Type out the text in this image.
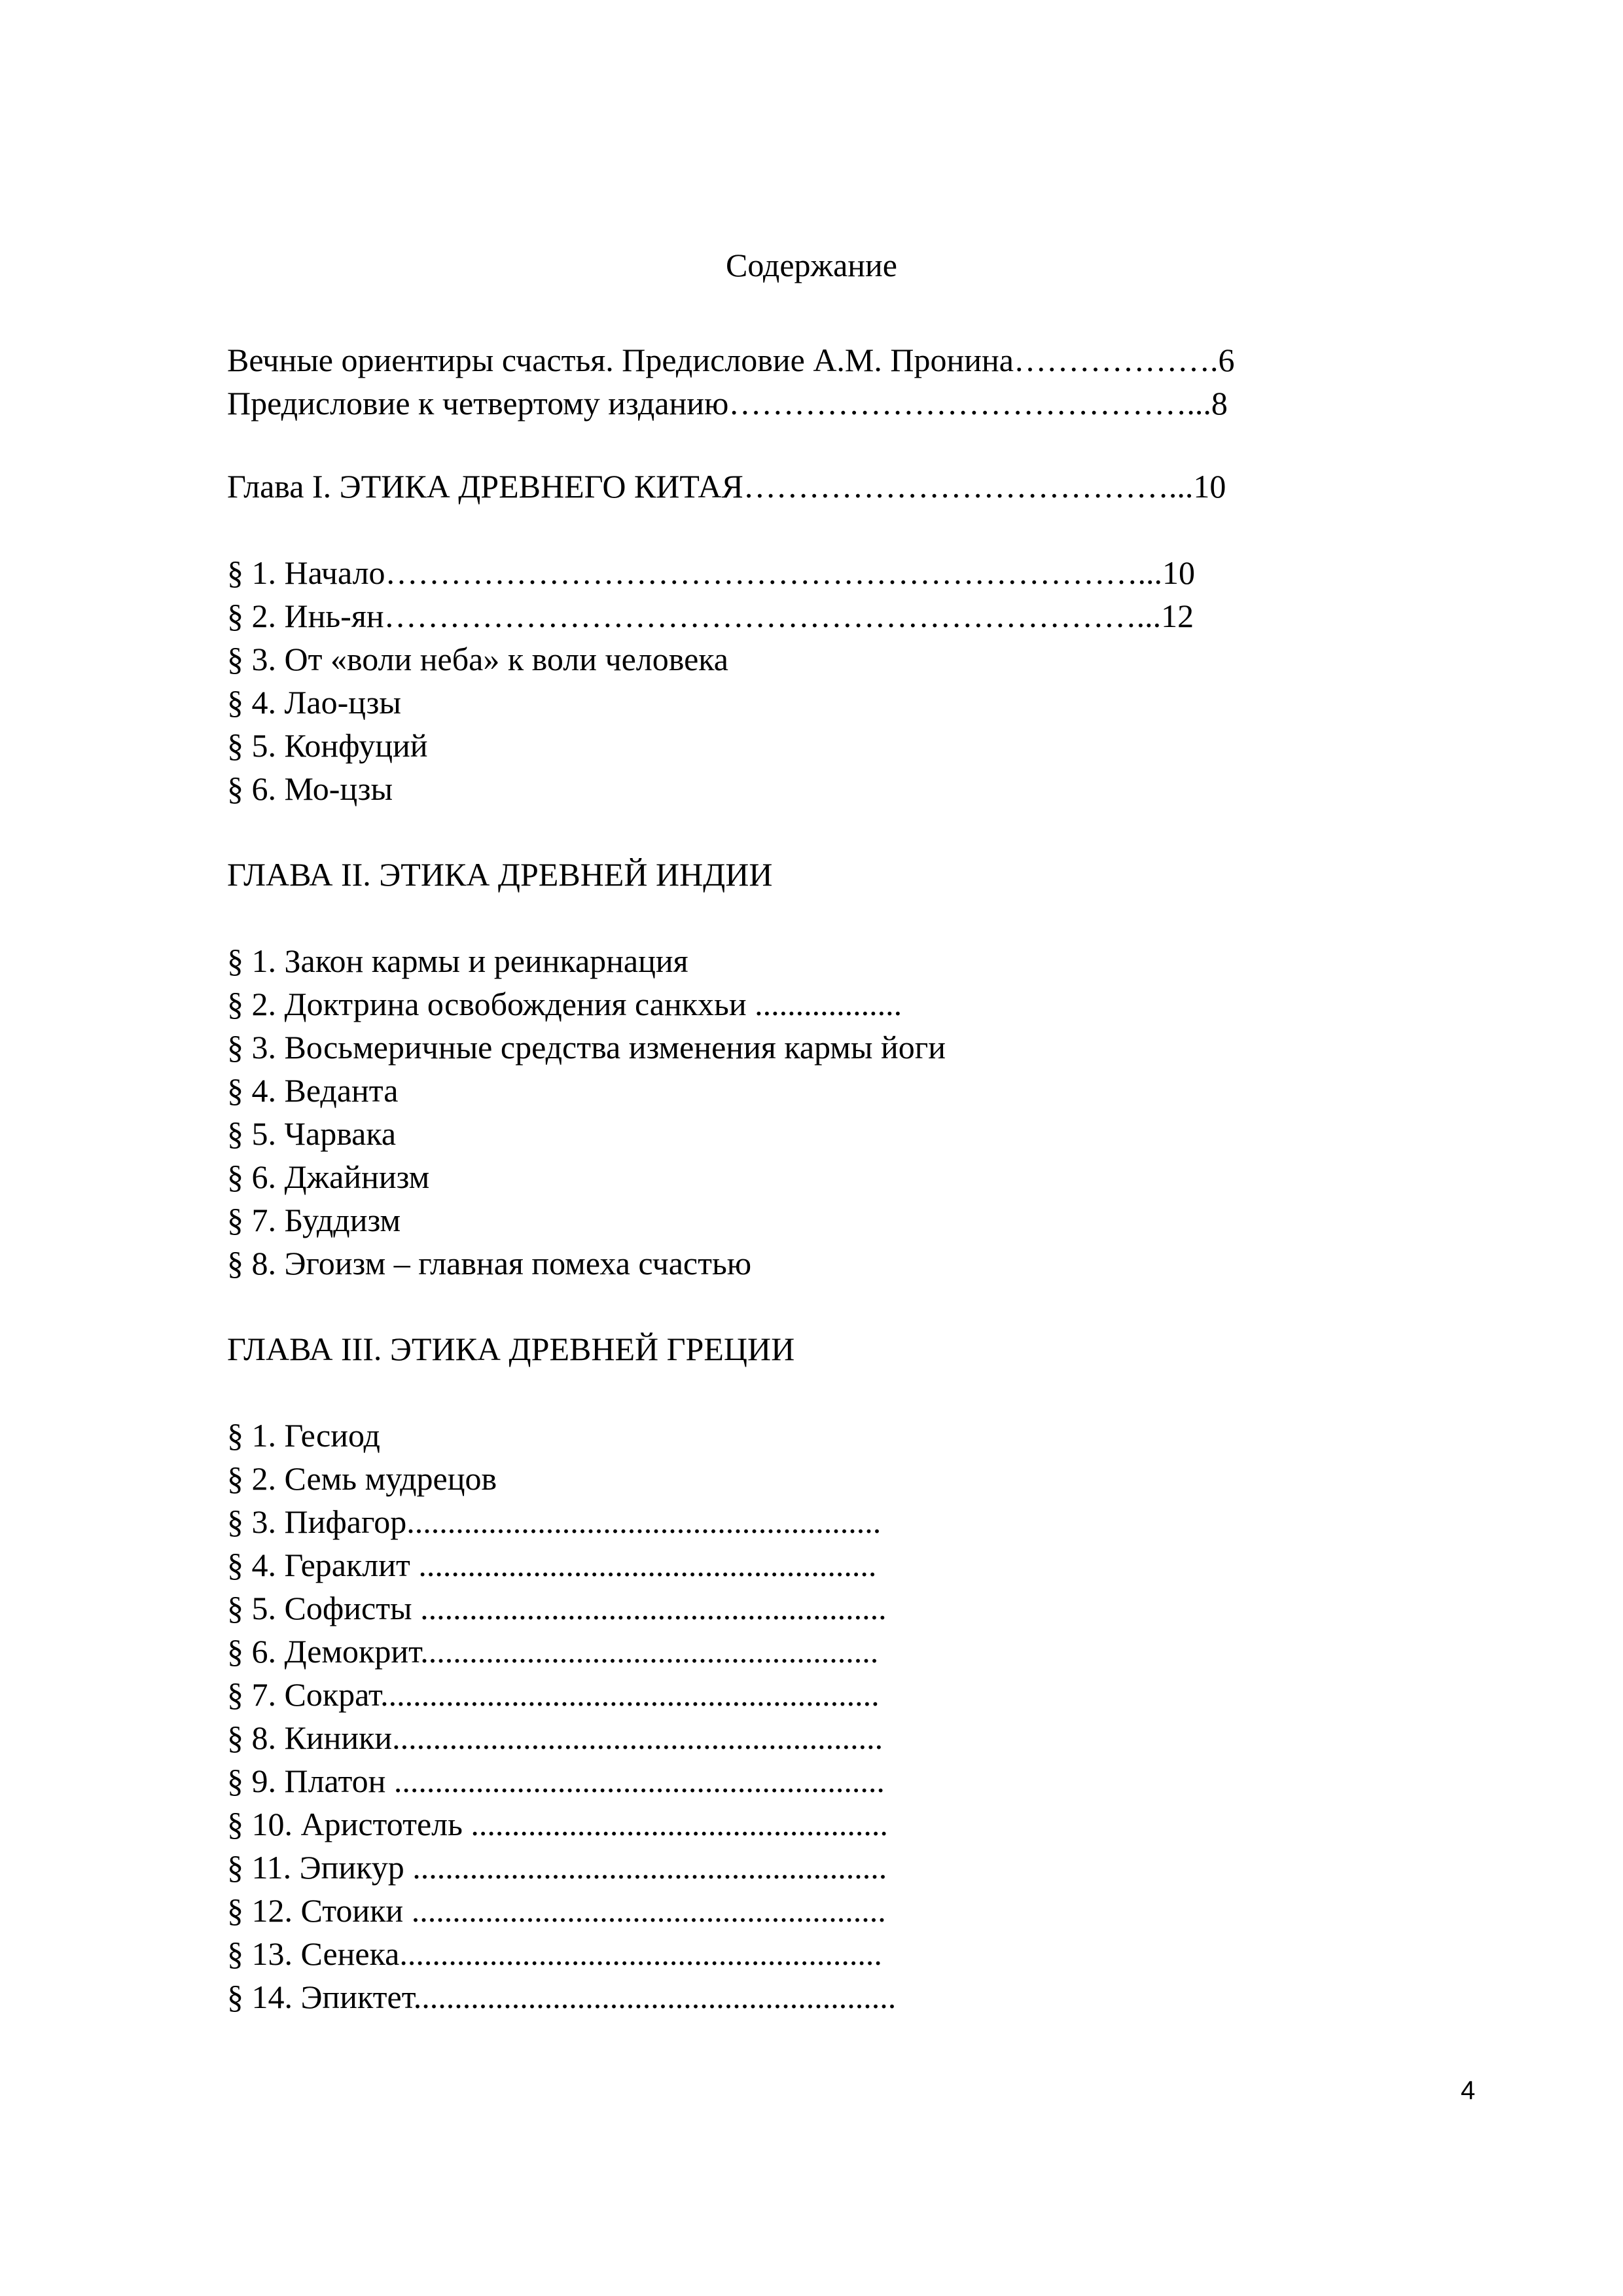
Содержание
Вечные ориентиры счастья. Предисловие А.М. Пронина……………….6
Предисловие к четвертому изданию……………………………………...8
Глава I. ЭТИКА ДРЕВНЕГО КИТАЯ…………………………………...10
§ 1. Начало……………………………………………………………...10
§ 2. Инь-ян……………………………………………………………...12
§ 3. От «воли неба» к воли человека
§ 4. Лао-цзы
§ 5. Конфуций
§ 6. Мо-цзы
ГЛАВА II. ЭТИКА ДРЕВНЕЙ ИНДИИ
§ 1. Закон кармы и реинкарнация
§ 2. Доктрина освобождения санкхьи ..................
§ 3. Восьмеричные средства изменения кармы йоги
§ 4. Веданта
§ 5. Чарвака
§ 6. Джайнизм
§ 7. Буддизм
§ 8. Эгоизм – главная помеха счастью
ГЛАВА III. ЭТИКА ДРЕВНЕЙ ГРЕЦИИ
§ 1. Гесиод
§ 2. Семь мудрецов
§ 3. Пифагор..........................................................
§ 4. Гераклит ........................................................
§ 5. Софисты .........................................................
§ 6. Демокрит........................................................
§ 7. Сократ.............................................................
§ 8. Киники............................................................
§ 9. Платон ............................................................
§ 10. Аристотель ...................................................
§ 11. Эпикур ..........................................................
§ 12. Стоики ..........................................................
§ 13. Сенека...........................................................
§ 14. Эпиктет...........................................................
4
